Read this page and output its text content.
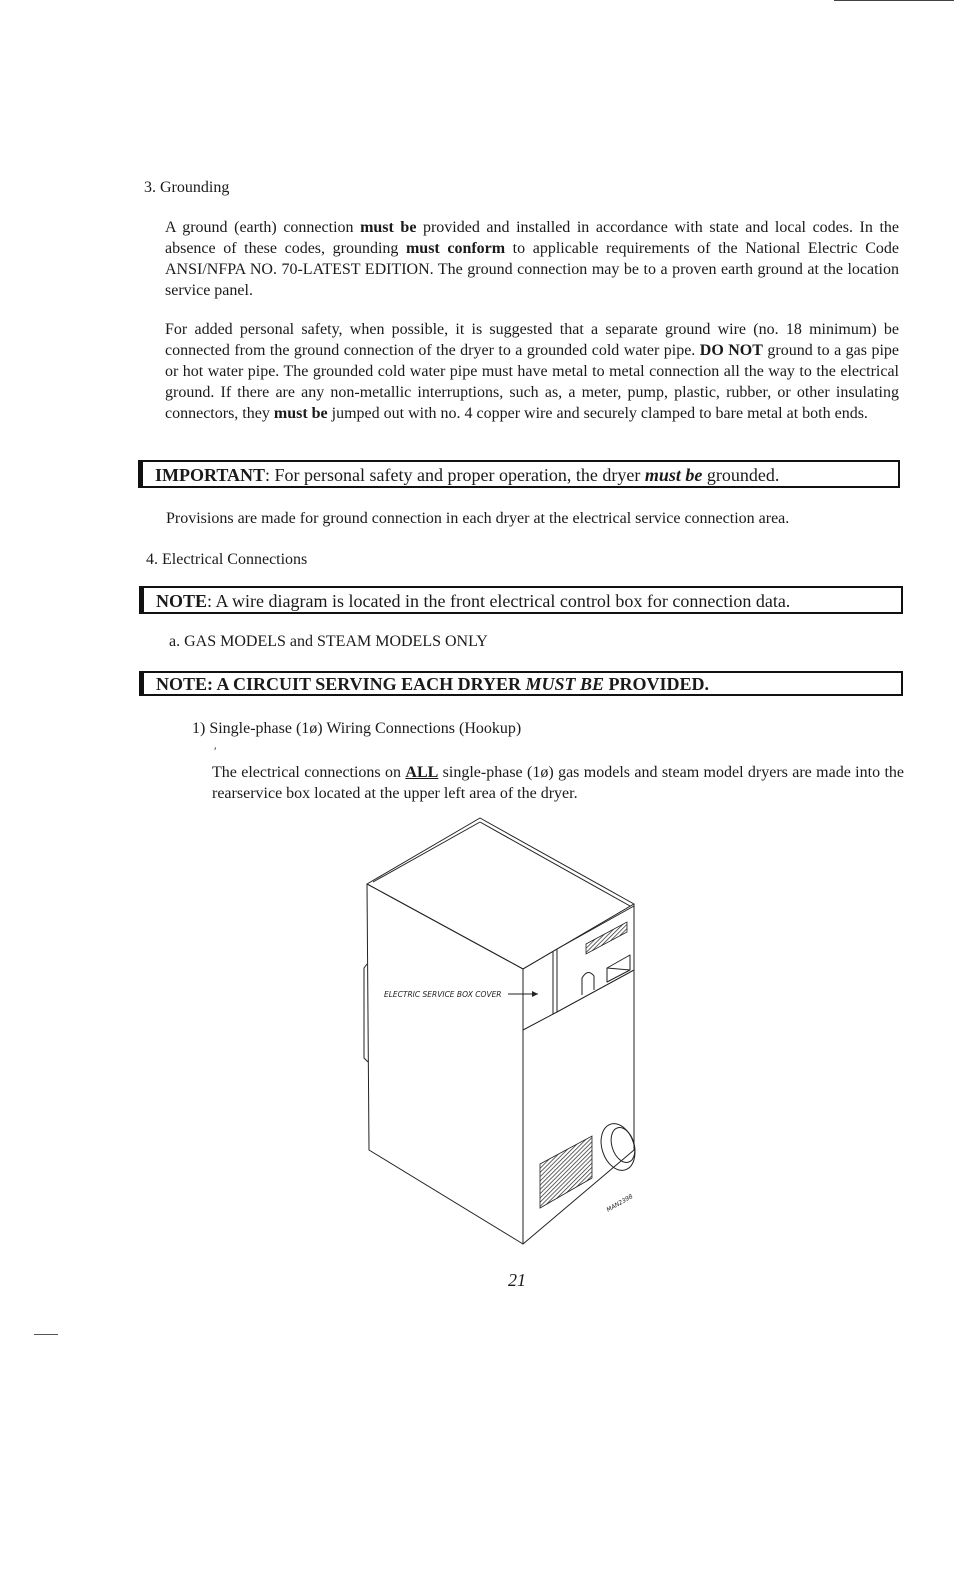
3. Grounding
A ground (earth) connection must be provided and installed in accordance with state and local codes. In the absence of these codes, grounding must conform to applicable requirements of the National Electric Code ANSI/NFPA NO. 70-LATEST EDITION. The ground connection may be to a proven earth ground at the location service panel.
For added personal safety, when possible, it is suggested that a separate ground wire (no. 18 minimum) be connected from the ground connection of the dryer to a grounded cold water pipe. DO NOT ground to a gas pipe or hot water pipe. The grounded cold water pipe must have metal to metal connection all the way to the electrical ground. If there are any non-metallic interruptions, such as, a meter, pump, plastic, rubber, or other insulating connectors, they must be jumped out with no. 4 copper wire and securely clamped to bare metal at both ends.
IMPORTANT: For personal safety and proper operation, the dryer must be grounded.
Provisions are made for ground connection in each dryer at the electrical service connection area.
4. Electrical Connections
NOTE: A wire diagram is located in the front electrical control box for connection data.
a. GAS MODELS and STEAM MODELS ONLY
NOTE: A CIRCUIT SERVING EACH DRYER MUST BE PROVIDED.
1) Single-phase (1ø) Wiring Connections (Hookup)
′
The electrical connections on ALL single-phase (1ø) gas models and steam model dryers are made into the rearservice box located at the upper left area of the dryer.
ELECTRIC SERVICE BOX COVER
MAN2398
21
